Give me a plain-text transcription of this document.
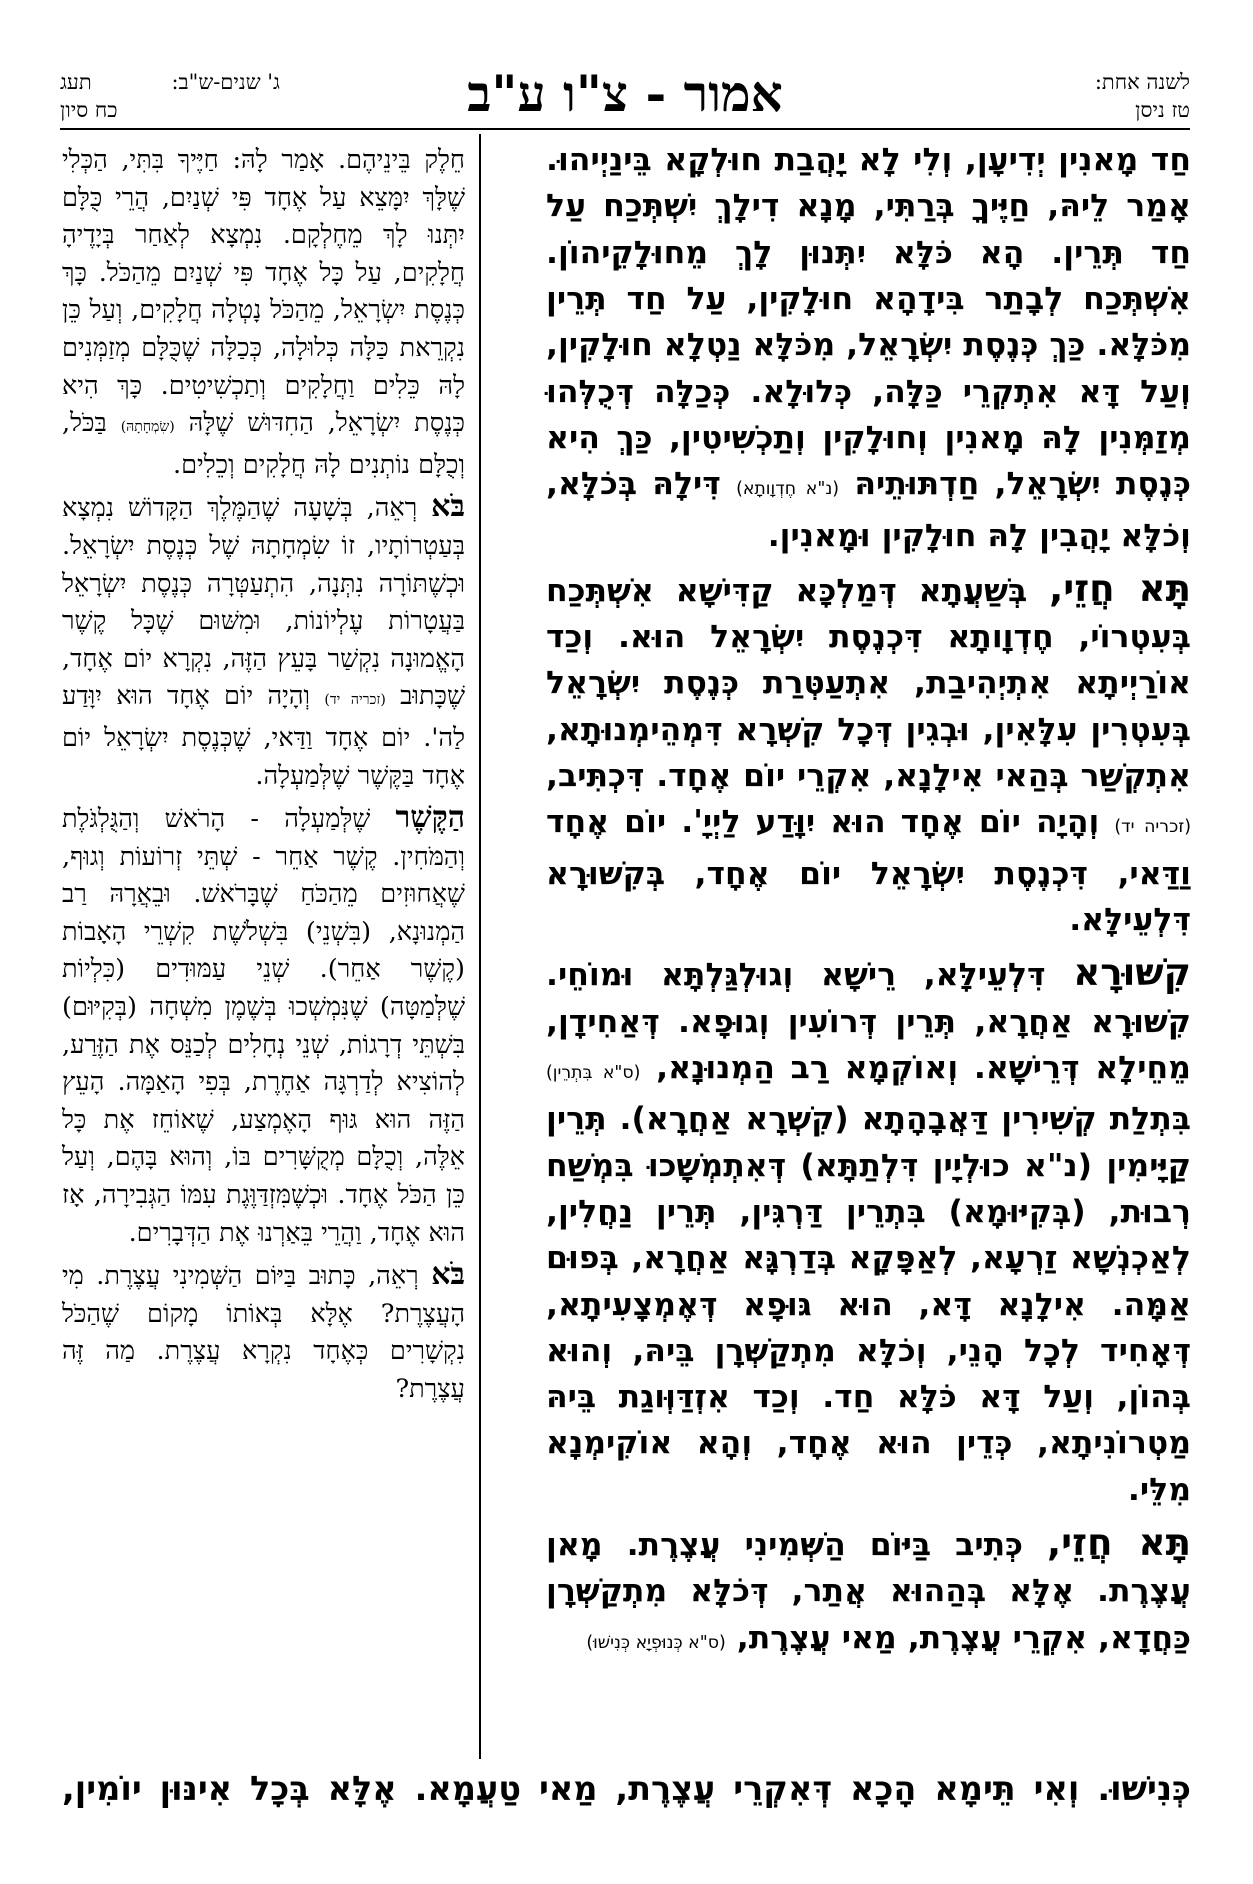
לשנה אחת:
טז ניסן
אמור - צ"ו ע"ב
ג' שנים-ש"ב:
תעג
כח סיון

חַד מָאנִין יְדִיעָן, וְלִי לָא יָהֲבַת חוּלְקָא בֵּינַיְיהוּ. אָמַר לֵיהּ, חַיֶּיךָ בְּרַתִּי, מָנָא דִילָךְ יִשְׁתְּכַח עַל חַד תְּרֵין. הָא כֹּלָּא יִתְּנוּן לָךְ מֵחוּלָקֵיהוֹן. אִשְׁתְּכַח לְבָתַר בִּידָהָא חוּלָקִין, עַל חַד תְּרֵין מִכֹּלָּא. כַּךְ כְּנֶסֶת יִשְׂרָאֵל, מִכֹּלָּא נַטְלָא חוּלָקִין, וְעַל דָּא אִתְקְרֵי כַּלָּה, כְּלוּלָא. כְּכַלָּה דְּכֻלְּהוּ מְזַמְּנִין לָהּ מָאנִין וְחוּלָקִין וְתַכְשִׁיטִין, כַּךְ הִיא כְּנֶסֶת יִשְׂרָאֵל, חַדְתּוּתֵיהּ (נ"א חֶדְוָותָא) דִּילָהּ בְּכֹלָּא, וְכֹלָּא יָהֲבִין לָהּ חוּלָקִין וּמָאנִין.

תָּא חֲזֵי, בְּשַׁעֲתָא דְּמַלְכָּא קַדִּישָׁא אִשְׁתְּכַח בְּעִטְרוֹי, חֶדְוָותָא דִּכְנֶסֶת יִשְׂרָאֵל הוּא. וְכַד אוֹרַיְיתָא אִתְיְהִיבַת, אִתְעַטְּרַת כְּנֶסֶת יִשְׂרָאֵל בְּעִטְרִין עִלָּאִין, וּבְגִין דְּכָל קִשְׁרָא דִּמְהֵימְנוּתָא, אִתְקְשַׁר בְּהַאי אִילָנָא, אִקְרֵי יוֹם אֶחָד. דִּכְתִּיב, (זכריה יד) וְהָיָה יוֹם אֶחָד הוּא יִוָּדַע לַיְיָ'. יוֹם אֶחָד וַדַּאי, דִּכְנֶסֶת יִשְׂרָאֵל יוֹם אֶחָד, בְּקִשּׁוּרָא דִּלְעֵילָּא.

קִשּׁוּרָא דִּלְעֵילָּא, רֵישָׁא וְגוּלְגַּלְתָּא וּמוֹחֵי. קִשּׁוּרָא אַחֲרָא, תְּרֵין דְּרוֹעִין וְגוּפָא. דְּאַחִידָן, מֵחֵילָא דְּרֵישָׁא. וְאוֹקְמָא רַב הַמְנוּנָא, (ס"א בִּתְרֵין) בִּתְלַת קְשִׁירִין דַּאֲבָהָתָא (קִשְׁרָא אַחֲרָא). תְּרֵין קַיָּימִין (נ"א כוּלְיָין דִּלְתַתָּא) דְּאִתְמְשָׁכוּ בִּמְשַׁח רְבוּת, (בְּקִיּוּמָא) בִּתְרֵין דַּרְגִּין, תְּרֵין נַחֲלִין, לְאַכְנְשָׁא זַרְעָא, לְאַפָּקָא בְּדַרְגָּא אַחֲרָא, בְּפוּם אַמָּה. אִילָנָא דָּא, הוּא גּוּפָא דְּאֶמְצָעִיתָא, דְּאָחִיד לְכָל הָנֵי, וְכֹלָּא מִתְקַשְּׁרָן בֵּיהּ, וְהוּא בְּהוֹן, וְעַל דָּא כֹּלָּא חַד. וְכַד אִזְדַּוְּוגַת בֵּיהּ מַטְרוֹנִיתָא, כְּדֵין הוּא אֶחָד, וְהָא אוֹקִימְנָא מִלֵּי.

תָּא חֲזֵי, כְּתִיב בַּיּוֹם הַשְּׁמִינִי עֲצֶרֶת. מָאן עֲצֶרֶת. אֶלָּא בְּהַהוּא אֲתַר, דְּכֹלָּא מִתְקַשְּׁרָן כַּחֲדָא, אִקְרֵי עֲצֶרֶת, מַאי עֲצֶרֶת, (ס"א כְּנוּפְיָא כְּנִישׁוּ)

חֵלֶק בֵּינֵיהֶם. אָמַר לָהּ: חַיֶּיךָ בִּתִּי, הַכְּלִי שֶׁלָּךְ יִמָּצֵא עַל אֶחָד פִּי שְׁנַיִם, הֲרֵי כֻּלָּם יִתְּנוּ לָךְ מֵחֶלְקָם. נִמְצָא לְאַחַר בְּיָדֶיהָ חֲלָקִים, עַל כָּל אֶחָד פִּי שְׁנַיִם מֵהַכֹּל. כָּךְ כְּנֶסֶת יִשְׂרָאֵל, מֵהַכֹּל נָטְלָה חֲלָקִים, וְעַל כֵּן נִקְרֵאת כַּלָּה כְּלוּלָה, כְּכַלָּה שֶׁכֻּלָּם מְזַמְּנִים לָהּ כֵּלִים וַחֲלָקִים וְתַכְשִׁיטִים. כָּךְ הִיא כְּנֶסֶת יִשְׂרָאֵל, הַחִדּוּשׁ שֶׁלָּהּ (שִׂמְחָתָהּ) בַּכֹּל, וְכֻלָּם נוֹתְנִים לָהּ חֲלָקִים וְכֵלִים.

בֹּא רְאֵה, בְּשָׁעָה שֶׁהַמֶּלֶךְ הַקָּדוֹשׁ נִמְצָא בְּעַטְרוֹתָיו, זוֹ שִׂמְחָתָהּ שֶׁל כְּנֶסֶת יִשְׂרָאֵל. וּכְשֶׁתּוֹרָה נִתְּנָה, הִתְעַטְּרָה כְּנֶסֶת יִשְׂרָאֵל בַּעֲטָרוֹת עֶלְיוֹנוֹת, וּמִשּׁוּם שֶׁכָּל קֶשֶׁר הָאֱמוּנָה נִקְשַׁר בָּעֵץ הַזֶּה, נִקְרָא יוֹם אֶחָד, שֶׁכָּתוּב (זכריה יד) וְהָיָה יוֹם אֶחָד הוּא יִוָּדַע לַה'. יוֹם אֶחָד וַדַּאי, שֶׁכְּנֶסֶת יִשְׂרָאֵל יוֹם אֶחָד בַּקֶּשֶׁר שֶׁלְּמַעְלָה.

הַקֶּשֶׁר שֶׁלְּמַעְלָה - הָרֹאשׁ וְהַגֻּלְגֹּלֶת וְהַמֹּחִין. קֶשֶׁר אַחֵר - שְׁתֵּי זְרוֹעוֹת וְגוּף, שֶׁאֲחוּזִים מֵהַכֹּחַ שֶׁבָּרֹאשׁ. וּבֵאֲרָהּ רַב הַמְנוּנָא, (בִּשְׁנֵי) בִּשְׁלֹשֶׁת קִשְׁרֵי הָאָבוֹת (קֶשֶׁר אַחֵר). שְׁנֵי עַמּוּדִים (כִּלְיוֹת שֶׁלְּמַטָּה) שֶׁנִּמְשְׁכוּ בְּשֶׁמֶן מִשְׁחָה (בְּקִיּוּם) בִּשְׁתֵּי דְרָגוֹת, שְׁנֵי נְחָלִים לְכַנֵּס אֶת הַזֶּרַע, לְהוֹצִיא לְדַרְגָּה אַחֶרֶת, בְּפִי הָאַמָּה. הָעֵץ הַזֶּה הוּא גּוּף הָאֶמְצַע, שֶׁאוֹחֵז אֶת כָּל אֵלֶּה, וְכֻלָּם מְקֻשָּׁרִים בּוֹ, וְהוּא בָּהֶם, וְעַל כֵּן הַכֹּל אֶחָד. וּכְשֶׁמִּזְדַּוֶּגֶת עִמּוֹ הַגְּבִירָה, אָז הוּא אֶחָד, וַהֲרֵי בֵּאַרְנוּ אֶת הַדְּבָרִים.

בֹּא רְאֵה, כָּתוּב בַּיּוֹם הַשְּׁמִינִי עֲצֶרֶת. מִי הָעֲצֶרֶת? אֶלָּא בְּאוֹתוֹ מָקוֹם שֶׁהַכֹּל נִקְשָׁרִים כְּאֶחָד נִקְרָא עֲצֶרֶת. מַה זֶּה עֲצֶרֶת?

כְּנִישׁוּ. וְאִי תֵּימָא הָכָא דְּאִקְרֵי עֲצֶרֶת, מַאי טַעֲמָא. אֶלָּא בְּכָל אִינּוּן יוֹמִין,
